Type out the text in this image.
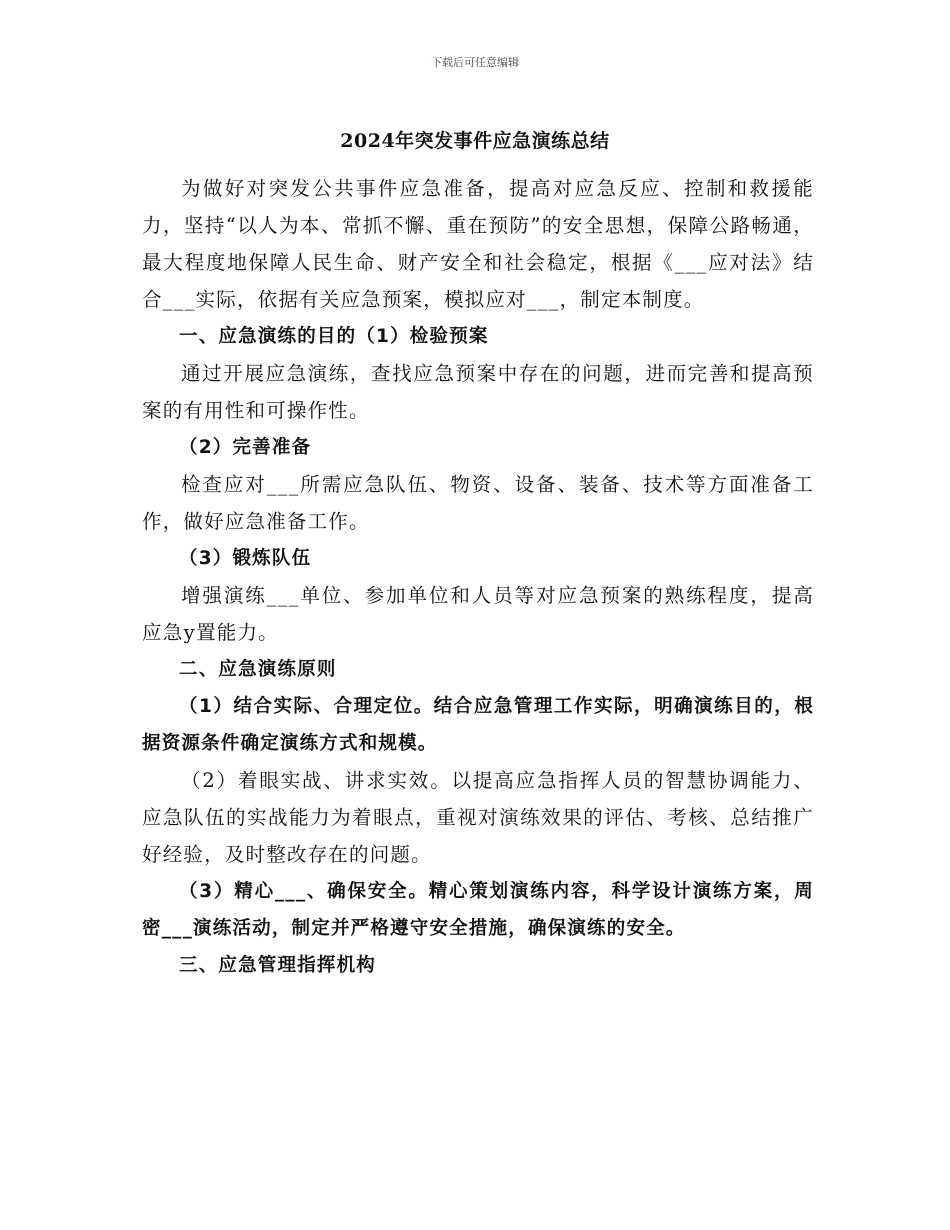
下载后可任意编辑
2024年突发事件应急演练总结

为做好对突发公共事件应急准备，提高对应急反应、控制和救援能力，坚持“以人为本、常抓不懈、重在预防”的安全思想，保障公路畅通，最大程度地保障人民生命、财产安全和社会稳定，根据《___应对法》结合___实际，依据有关应急预案，模拟应对___，制定本制度。

一、应急演练的目的（1）检验预案

通过开展应急演练，查找应急预案中存在的问题，进而完善和提高预案的有用性和可操作性。

（2）完善准备

检查应对___所需应急队伍、物资、设备、装备、技术等方面准备工作，做好应急准备工作。

（3）锻炼队伍

增强演练___单位、参加单位和人员等对应急预案的熟练程度，提高应急у置能力。

二、应急演练原则

（1）结合实际、合理定位。结合应急管理工作实际，明确演练目的，根据资源条件确定演练方式和规模。

（2）着眼实战、讲求实效。以提高应急指挥人员的智慧协调能力、应急队伍的实战能力为着眼点，重视对演练效果的评估、考核、总结推广好经验，及时整改存在的问题。

（3）精心___、确保安全。精心策划演练内容，科学设计演练方案，周密___演练活动，制定并严格遵守安全措施，确保演练的安全。

三、应急管理指挥机构
